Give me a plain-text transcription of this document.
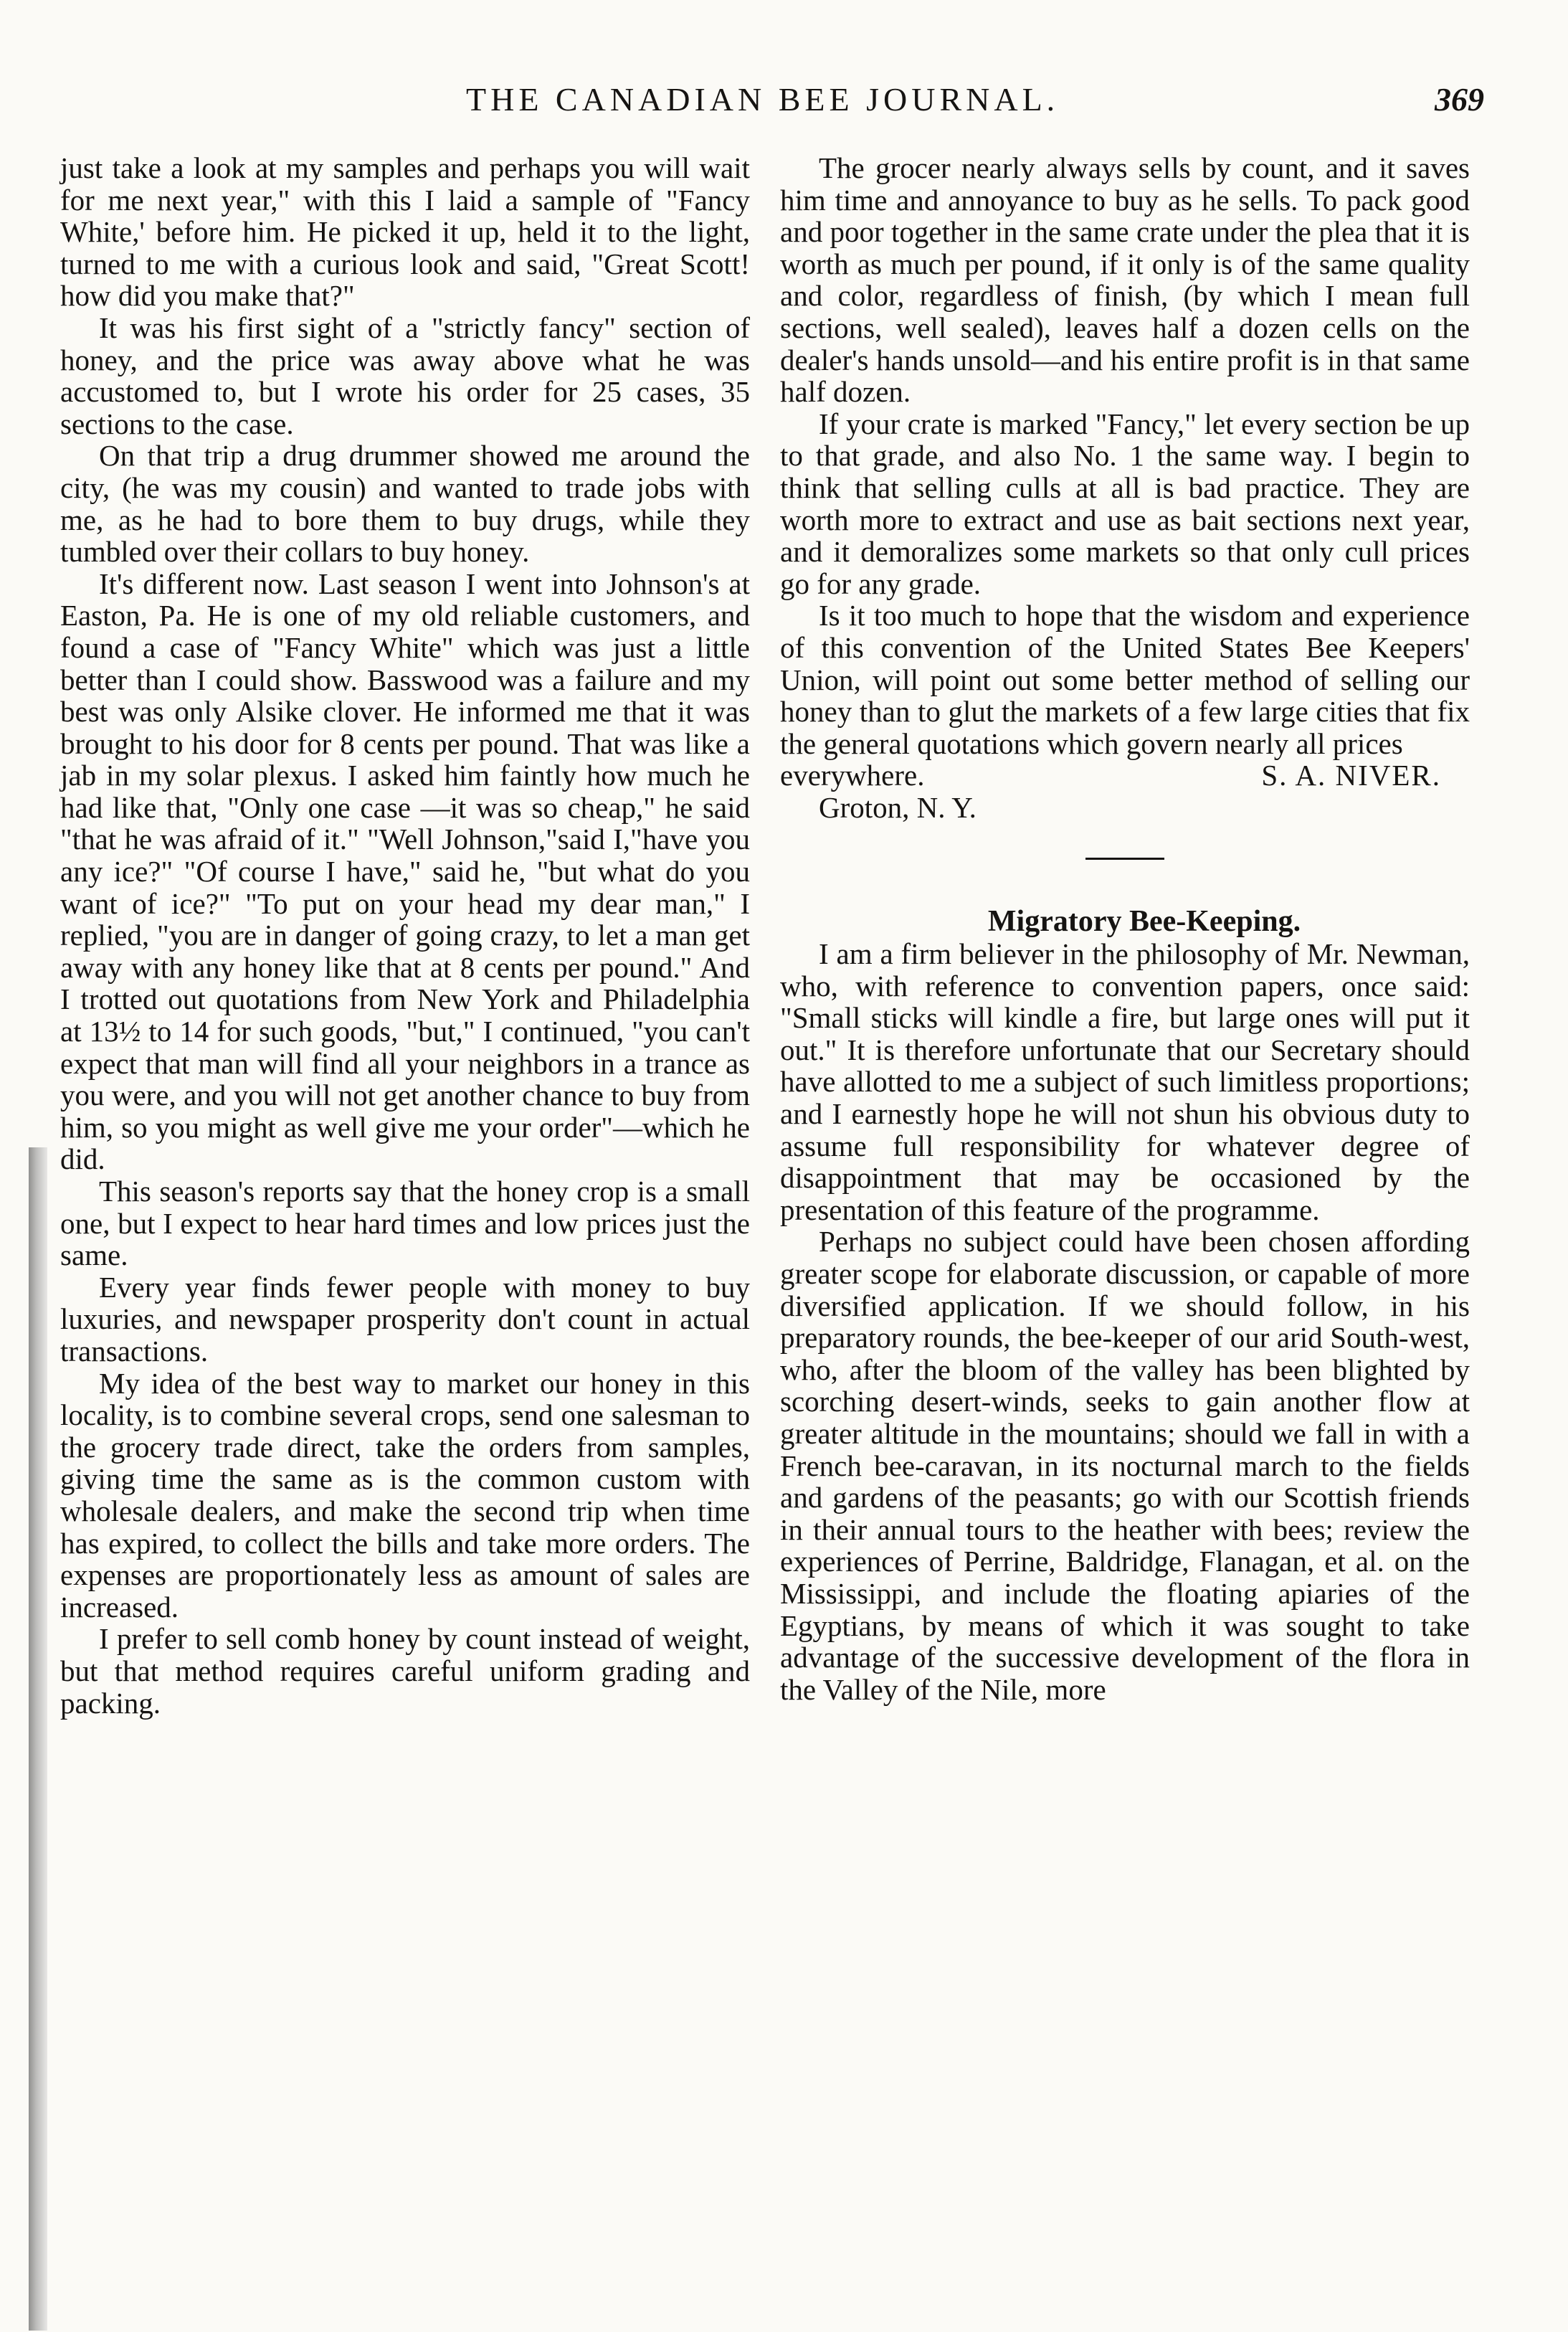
THE CANADIAN BEE JOURNAL.	369

just take a look at my samples and perhaps you will wait for me next year," with this I laid a sample of "Fancy White,' before him. He picked it up, held it to the light, turned to me with a curious look and said, "Great Scott! how did you make that?"

It was his first sight of a "strictly fancy" section of honey, and the price was away above what he was accustomed to, but I wrote his order for 25 cases, 35 sections to the case.

On that trip a drug drummer showed me around the city, (he was my cousin) and wanted to trade jobs with me, as he had to bore them to buy drugs, while they tumbled over their collars to buy honey.

It's different now. Last season I went into Johnson's at Easton, Pa. He is one of my old reliable customers, and found a case of "Fancy White" which was just a little better than I could show. Basswood was a failure and my best was only Alsike clover. He informed me that it was brought to his door for 8 cents per pound. That was like a jab in my solar plexus. I asked him faintly how much he had like that, "Only one case —it was so cheap," he said "that he was afraid of it." "Well Johnson,"said I,"have you any ice?" "Of course I have," said he, "but what do you want of ice?" "To put on your head my dear man," I replied, "you are in danger of going crazy, to let a man get away with any honey like that at 8 cents per pound." And I trotted out quotations from New York and Philadelphia at 13½ to 14 for such goods, "but," I continued, "you can't expect that man will find all your neighbors in a trance as you were, and you will not get another chance to buy from him, so you might as well give me your order"—which he did.

This season's reports say that the honey crop is a small one, but I expect to hear hard times and low prices just the same.

Every year finds fewer people with money to buy luxuries, and newspaper prosperity don't count in actual transactions.

My idea of the best way to market our honey in this locality, is to combine several crops, send one salesman to the grocery trade direct, take the orders from samples, giving time the same as is the common custom with wholesale dealers, and make the second trip when time has expired, to collect the bills and take more orders. The expenses are proportionately less as amount of sales are increased.

I prefer to sell comb honey by count instead of weight, but that method requires careful uniform grading and packing.

The grocer nearly always sells by count, and it saves him time and annoyance to buy as he sells. To pack good and poor together in the same crate under the plea that it is worth as much per pound, if it only is of the same quality and color, regardless of finish, (by which I mean full sections, well sealed), leaves half a dozen cells on the dealer's hands unsold—and his entire profit is in that same half dozen.

If your crate is marked "Fancy," let every section be up to that grade, and also No. 1 the same way. I begin to think that selling culls at all is bad practice. They are worth more to extract and use as bait sections next year, and it demoralizes some markets so that only cull prices go for any grade.

Is it too much to hope that the wisdom and experience of this convention of the United States Bee Keepers' Union, will point out some better method of selling our honey than to glut the markets of a few large cities that fix the general quotations which govern nearly all prices

everywhere.	S. A. NIVER.

Groton, N. Y.

Migratory Bee-Keeping.

I am a firm believer in the philosophy of Mr. Newman, who, with reference to convention papers, once said: "Small sticks will kindle a fire, but large ones will put it out." It is therefore unfortunate that our Secretary should have allotted to me a subject of such limitless proportions; and I earnestly hope he will not shun his obvious duty to assume full responsibility for whatever degree of disappointment that may be occasioned by the presentation of this feature of the programme.

Perhaps no subject could have been chosen affording greater scope for elaborate discussion, or capable of more diversified application. If we should follow, in his preparatory rounds, the bee-keeper of our arid South-west, who, after the bloom of the valley has been blighted by scorching desert-winds, seeks to gain another flow at greater altitude in the mountains; should we fall in with a French bee-caravan, in its nocturnal march to the fields and gardens of the peasants; go with our Scottish friends in their annual tours to the heather with bees; review the experiences of Perrine, Baldridge, Flanagan, et al. on the Mississippi, and include the floating apiaries of the Egyptians, by means of which it was sought to take advantage of the successive development of the flora in the Valley of the Nile, more
